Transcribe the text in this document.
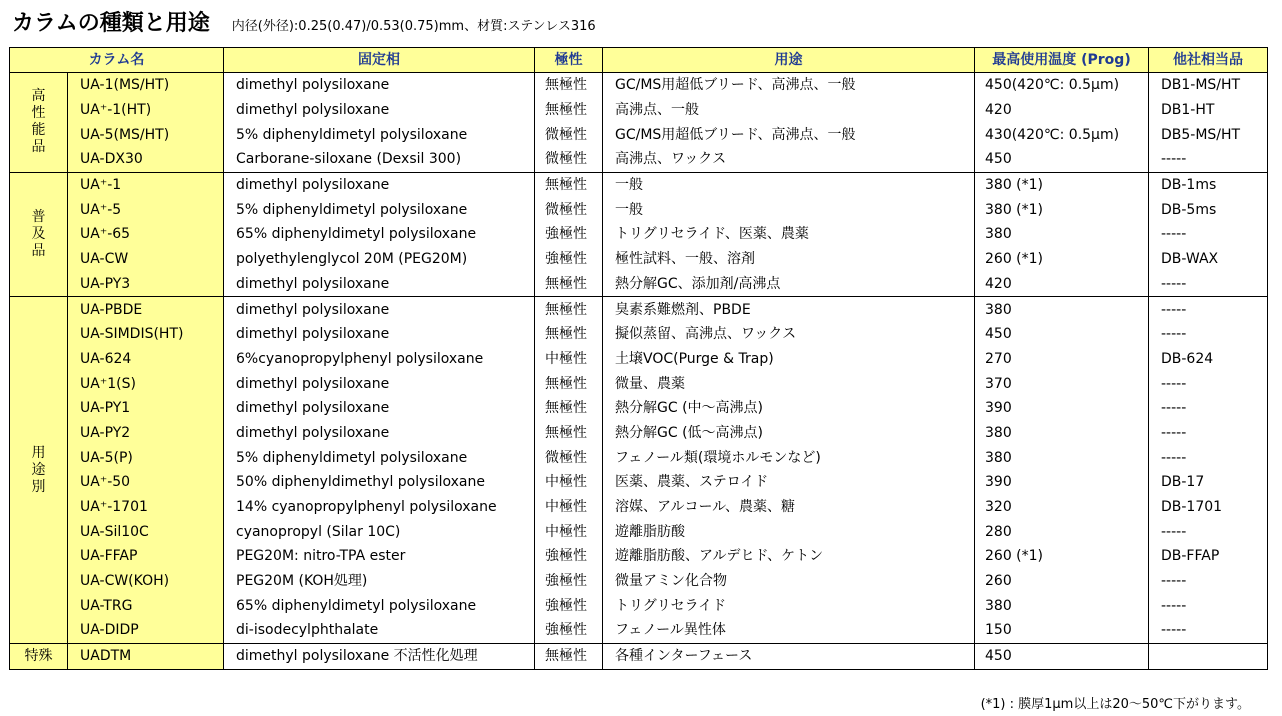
カラムの種類と用途 内径(外径):0.25(0.47)/0.53(0.75)mm、材質:ステンレス316
カラム名		固定相	極性	用途	最高使用温度 (Prog)	他社相当品
高性能品	UA-1(MS/HT)	dimethyl polysiloxane	無極性	GC/MS用超低ブリード、高沸点、一般	450(420℃: 0.5μm)	DB1-MS/HT
	UA⁺-1(HT)	dimethyl polysiloxane	無極性	高沸点、一般	420	DB1-HT
	UA-5(MS/HT)	5% diphenyldimetyl polysiloxane	微極性	GC/MS用超低ブリード、高沸点、一般	430(420℃: 0.5μm)	DB5-MS/HT
	UA-DX30	Carborane-siloxane (Dexsil 300)	微極性	高沸点、ワックス	450	-----
普及品	UA⁺-1	dimethyl polysiloxane	無極性	一般	380 (*1)	DB-1ms
	UA⁺-5	5% diphenyldimetyl polysiloxane	微極性	一般	380 (*1)	DB-5ms
	UA⁺-65	65% diphenyldimetyl polysiloxane	強極性	トリグリセライド、医薬、農薬	380	-----
	UA-CW	polyethylenglycol 20M (PEG20M)	強極性	極性試料、一般、溶剤	260 (*1)	DB-WAX
	UA-PY3	dimethyl polysiloxane	無極性	熱分解GC、添加剤/高沸点	420	-----
用途別	UA-PBDE	dimethyl polysiloxane	無極性	臭素系難燃剤、PBDE	380	-----
	UA-SIMDIS(HT)	dimethyl polysiloxane	無極性	擬似蒸留、高沸点、ワックス	450	-----
	UA-624	6%cyanopropylphenyl polysiloxane	中極性	土壌VOC(Purge & Trap)	270	DB-624
	UA⁺1(S)	dimethyl polysiloxane	無極性	微量、農薬	370	-----
	UA-PY1	dimethyl polysiloxane	無極性	熱分解GC (中～高沸点)	390	-----
	UA-PY2	dimethyl polysiloxane	無極性	熱分解GC (低～高沸点)	380	-----
	UA-5(P)	5% diphenyldimetyl polysiloxane	微極性	フェノール類(環境ホルモンなど)	380	-----
	UA⁺-50	50% diphenyldimethyl polysiloxane	中極性	医薬、農薬、ステロイド	390	DB-17
	UA⁺-1701	14% cyanopropylphenyl polysiloxane	中極性	溶媒、アルコール、農薬、糖	320	DB-1701
	UA-Sil10C	cyanopropyl (Silar 10C)	中極性	遊離脂肪酸	280	-----
	UA-FFAP	PEG20M: nitro-TPA ester	強極性	遊離脂肪酸、アルデヒド、ケトン	260 (*1)	DB-FFAP
	UA-CW(KOH)	PEG20M (KOH処理)	強極性	微量アミン化合物	260	-----
	UA-TRG	65% diphenyldimetyl polysiloxane	強極性	トリグリセライド	380	-----
	UA-DIDP	di-isodecylphthalate	強極性	フェノール異性体	150	-----
特殊	UADTM	dimethyl polysiloxane 不活性化処理	無極性	各種インターフェース	450	
(*1) : 膜厚1μm以上は20～50℃下がります。
